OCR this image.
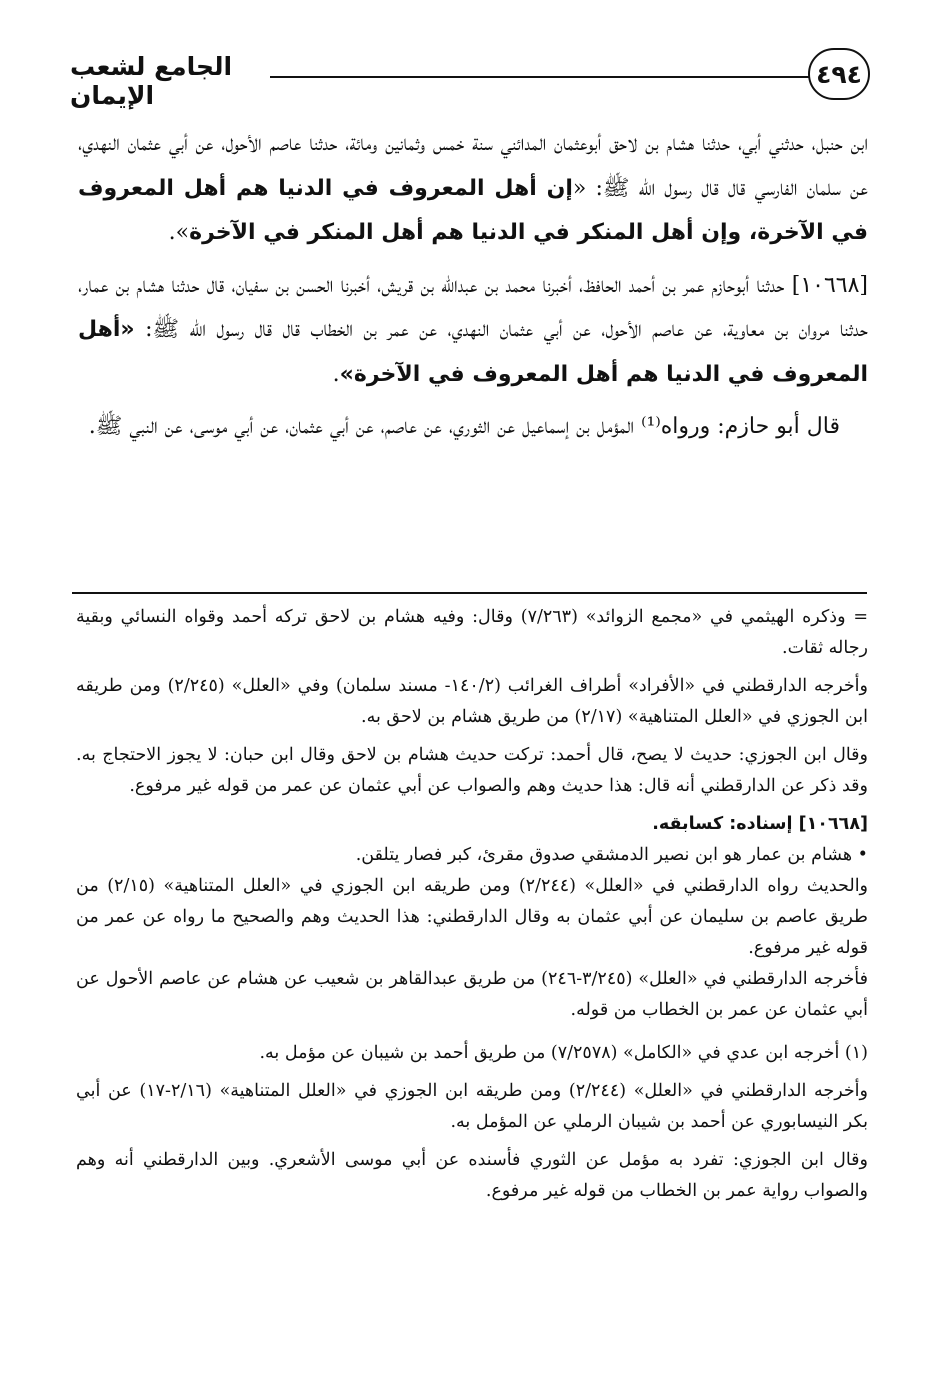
٤٩٤
الجامع لشعب الإيمان

ابن حنبل، حدثني أبي، حدثنا هشام بن لاحق أبوعثمان المدائني سنة خمس وثمانين ومائة، حدثنا عاصم الأحول، عن أبي عثمان النهدي، عن سلمان الفارسي قال قال رسول الله ﷺ: «إن أهل المعروف في الدنيا هم أهل المعروف في الآخرة، وإن أهل المنكر في الدنيا هم أهل المنكر في الآخرة».

[١٠٦٦٨] حدثنا أبوحازم عمر بن أحمد الحافظ، أخبرنا محمد بن عبدالله بن قريش، أخبرنا الحسن بن سفيان، قال حدثنا هشام بن عمار، حدثنا مروان بن معاوية، عن عاصم الأحول، عن أبي عثمان النهدي، عن عمر بن الخطاب قال قال رسول الله ﷺ: «أهل المعروف في الدنيا هم أهل المعروف في الآخرة».

قال أبو حازم: ورواه⁽¹⁾ المؤمل بن إسماعيل عن الثوري، عن عاصم، عن أبي عثمان، عن أبي موسى، عن النبي ﷺ.

= وذكره الهيثمي في «مجمع الزوائد» (٧/٢٦٣) وقال: وفيه هشام بن لاحق تركه أحمد وقواه النسائي وبقية رجاله ثقات.

وأخرجه الدارقطني في «الأفراد» أطراف الغرائب (١٤٠/٢- مسند سلمان) وفي «العلل» (٢/٢٤٥) ومن طريقه ابن الجوزي في «العلل المتناهية» (٢/١٧) من طريق هشام بن لاحق به.

وقال ابن الجوزي: حديث لا يصح، قال أحمد: تركت حديث هشام بن لاحق وقال ابن حبان: لا يجوز الاحتجاج به. وقد ذكر عن الدارقطني أنه قال: هذا حديث وهم والصواب عن أبي عثمان عن عمر من قوله غير مرفوع.

[١٠٦٦٨] إسناده: كسابقه.

• هشام بن عمار هو ابن نصير الدمشقي صدوق مقرئ، كبر فصار يتلقن.

والحديث رواه الدارقطني في «العلل» (٢/٢٤٤) ومن طريقه ابن الجوزي في «العلل المتناهية» (٢/١٥) من طريق عاصم بن سليمان عن أبي عثمان به وقال الدارقطني: هذا الحديث وهم والصحيح ما رواه عن عمر من قوله غير مرفوع.

فأخرجه الدارقطني في «العلل» (٣/٢٤٥-٢٤٦) من طريق عبدالقاهر بن شعيب عن هشام عن عاصم الأحول عن أبي عثمان عن عمر بن الخطاب من قوله.

(١) أخرجه ابن عدي في «الكامل» (٧/٢٥٧٨) من طريق أحمد بن شيبان عن مؤمل به.

وأخرجه الدارقطني في «العلل» (٢/٢٤٤) ومن طريقه ابن الجوزي في «العلل المتناهية» (٢/١٦-١٧) عن أبي بكر النيسابوري عن أحمد بن شيبان الرملي عن المؤمل به.

وقال ابن الجوزي: تفرد به مؤمل عن الثوري فأسنده عن أبي موسى الأشعري. وبين الدارقطني أنه وهم والصواب رواية عمر بن الخطاب من قوله غير مرفوع.
